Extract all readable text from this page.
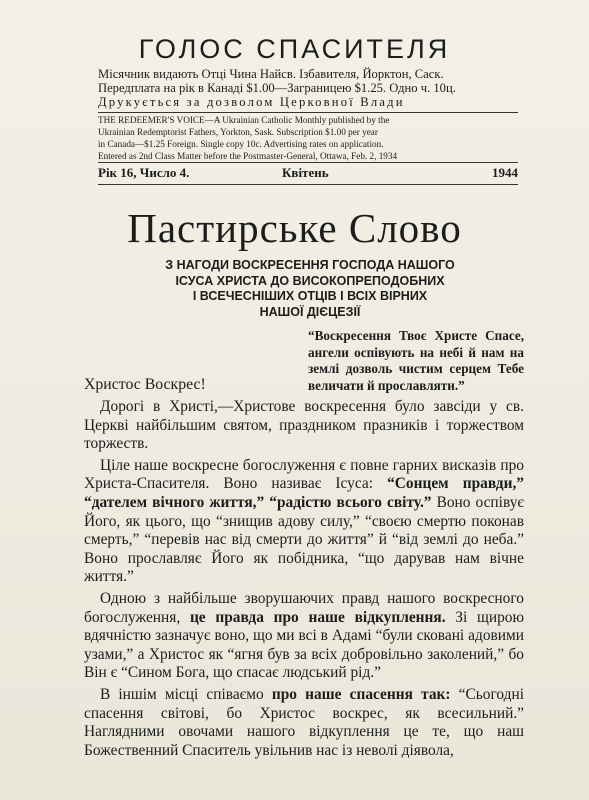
ГОЛОС СПАСИТЕЛЯ
Місячник видають Отці Чина Найсв. Ізбавителя, Йорктон, Саск.
Передплата на рік в Канаді $1.00—Заграницею $1.25. Одно ч. 10ц.
Друкується за дозволом Церковної Влади
THE REDEEMER'S VOICE—A Ukrainian Catholic Monthly published by the
Ukrainian Redemptorist Fathers, Yorkton, Sask. Subscription $1.00 per year
in Canada—$1.25 Foreign. Single copy 10c. Advertising rates on application.
Entered as 2nd Class Matter before the Postmaster-General, Ottawa, Feb. 2, 1934
Рік 16, Число 4.	Квітень	1944
Пастирське Слово
З НАГОДИ ВОСКРЕСЕННЯ ГОСПОДА НАШОГО
ІСУСА ХРИСТА ДО ВИСОКОПРЕПОДОБНИХ
І ВСЕЧЕСНІШИХ ОТЦІВ І ВСІХ ВІРНИХ
НАШОЇ ДІЄЦЕЗІЇ
“Воскресення Твоє Христе Спасе, ангели оспівують на небі й нам на землі дозволь чистим серцем Тебе величати й прославляти.”
Христос Воскрес!

Дорогі в Христі,—Христове воскресення було завсіди у св. Церкві найбільшим святом, праздником празників і торжеством торжеств.

Ціле наше воскресне богослуження є повне гарних висказів про Христа-Спасителя. Воно називає Ісуса: “Сонцем правди,” “дателем вічного життя,” “радістю всього світу.” Воно оспівує Його, як цього, що “знищив адову силу,” “своєю смертю поконав смерть,” “перевів нас від смерти до життя” й “від землі до неба.” Воно прославляє Його як побідника, “що дарував нам вічне життя.”

Одною з найбільше зворушаючих правд нашого воскресного богослуження, це правда про наше відкуплення. Зі щирою вдячністю зазначує воно, що ми всі в Адамі “були сковані адовими узами,” а Христос як “ягня був за всіх добровільно заколений,” бо Він є “Сином Бога, що спасає людський рід.”

В іншім місці співаємо про наше спасення так: “Сьогодні спасення світові, бо Христос воскрес, як всесильний.” Наглядними овочами нашого відкуплення це те, що наш Божественний Спаситель увільнив нас із неволі дiявола,
